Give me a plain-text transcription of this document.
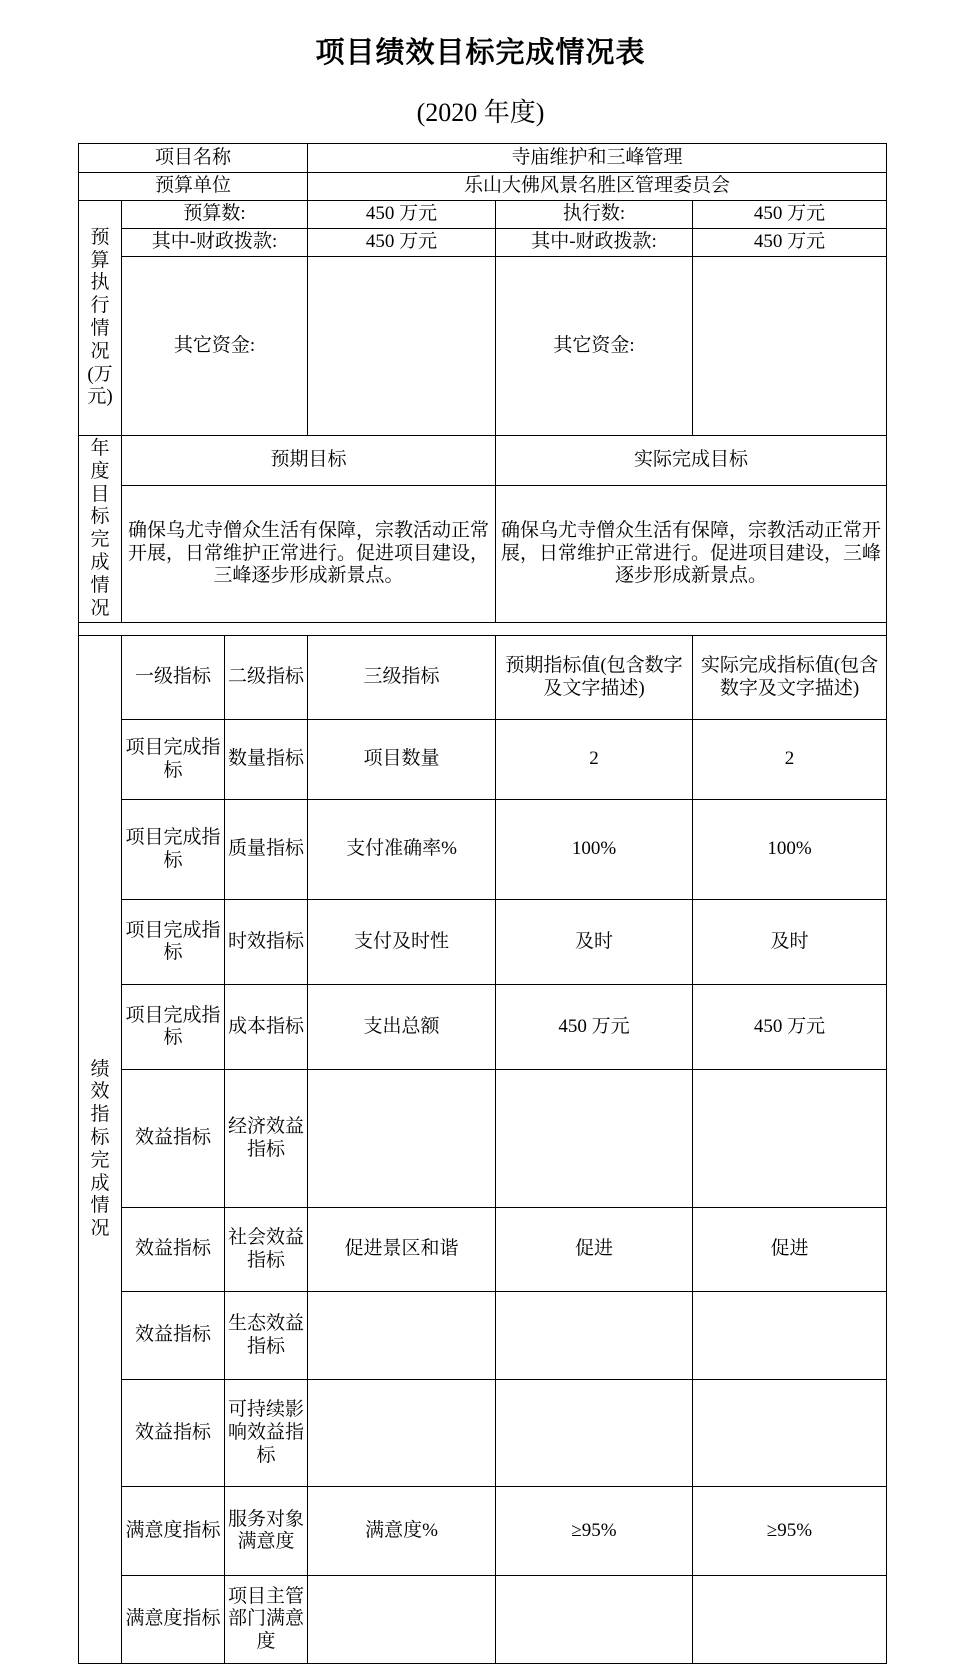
项目绩效目标完成情况表
(2020 年度)
项目名称			寺庙维护和三峰管理		
预算单位			乐山大佛风景名胜区管理委员会		
预算执行情况(万元)	预算数:		450 万元	执行数:	450 万元
	其中-财政拨款:		450 万元	其中-财政拨款:	450 万元
	其它资金:			其它资金:	
年度目标完成情况	预期目标			实际完成目标	
	确保乌尤寺僧众生活有保障，宗教活动正常开展，日常维护正常进行。促进项目建设，三峰逐步形成新景点。			确保乌尤寺僧众生活有保障，宗教活动正常开展，日常维护正常进行。促进项目建设，三峰逐步形成新景点。	

绩效指标完成情况	一级指标	二级指标	三级指标	预期指标值(包含数字及文字描述)	实际完成指标值(包含数字及文字描述)
	项目完成指标	数量指标	项目数量	2	2
	项目完成指标	质量指标	支付准确率%	100%	100%
	项目完成指标	时效指标	支付及时性	及时	及时
	项目完成指标	成本指标	支出总额	450 万元	450 万元
	效益指标	经济效益指标			
	效益指标	社会效益指标	促进景区和谐	促进	促进
	效益指标	生态效益指标			
	效益指标	可持续影响效益指标			
	满意度指标	服务对象满意度	满意度%	≥95%	≥95%
	满意度指标	项目主管部门满意度			
